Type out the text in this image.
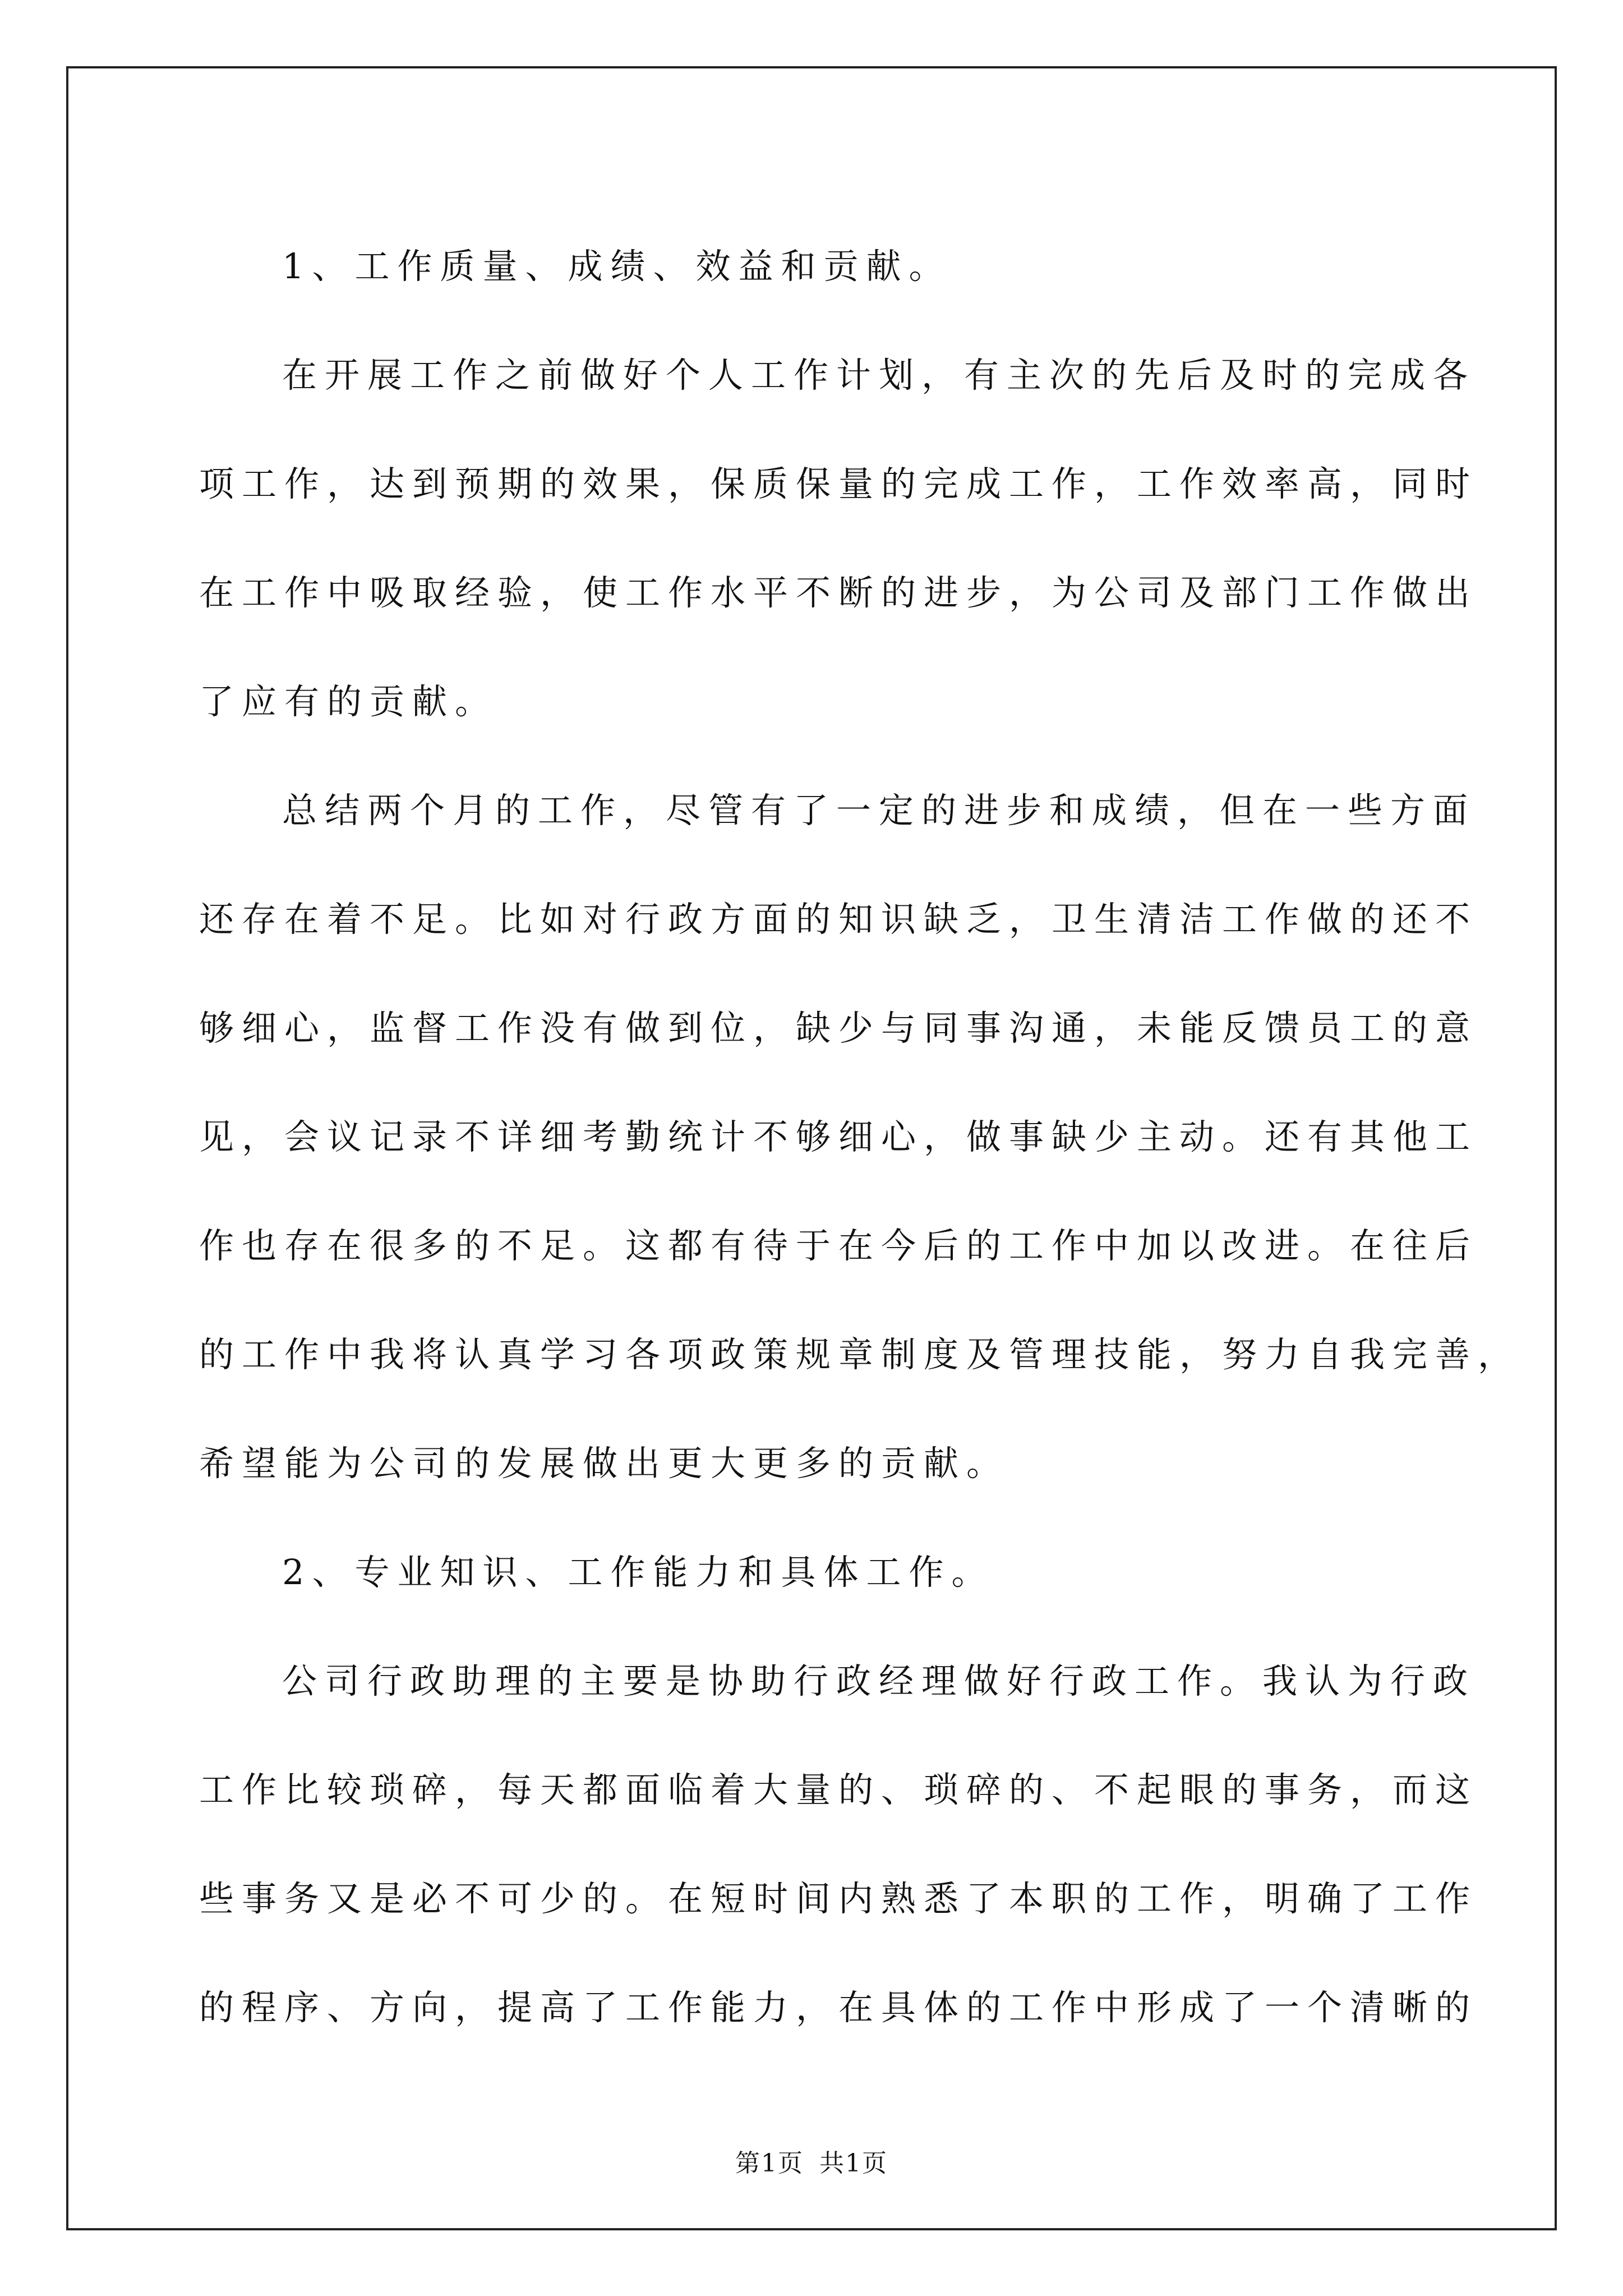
1、工作质量、成绩、效益和贡献。
在开展工作之前做好个人工作计划，有主次的先后及时的完成各
项工作，达到预期的效果，保质保量的完成工作，工作效率高，同时
在工作中吸取经验，使工作水平不断的进步，为公司及部门工作做出
了应有的贡献。
总结两个月的工作，尽管有了一定的进步和成绩，但在一些方面
还存在着不足。比如对行政方面的知识缺乏，卫生清洁工作做的还不
够细心，监督工作没有做到位，缺少与同事沟通，未能反馈员工的意
见，会议记录不详细考勤统计不够细心，做事缺少主动。还有其他工
作也存在很多的不足。这都有待于在今后的工作中加以改进。在往后
的工作中我将认真学习各项政策规章制度及管理技能，努力自我完善，
希望能为公司的发展做出更大更多的贡献。
2、专业知识、工作能力和具体工作。
公司行政助理的主要是协助行政经理做好行政工作。我认为行政
工作比较琐碎，每天都面临着大量的、琐碎的、不起眼的事务，而这
些事务又是必不可少的。在短时间内熟悉了本职的工作，明确了工作
的程序、方向，提高了工作能力，在具体的工作中形成了一个清晰的

第1页 共1页
